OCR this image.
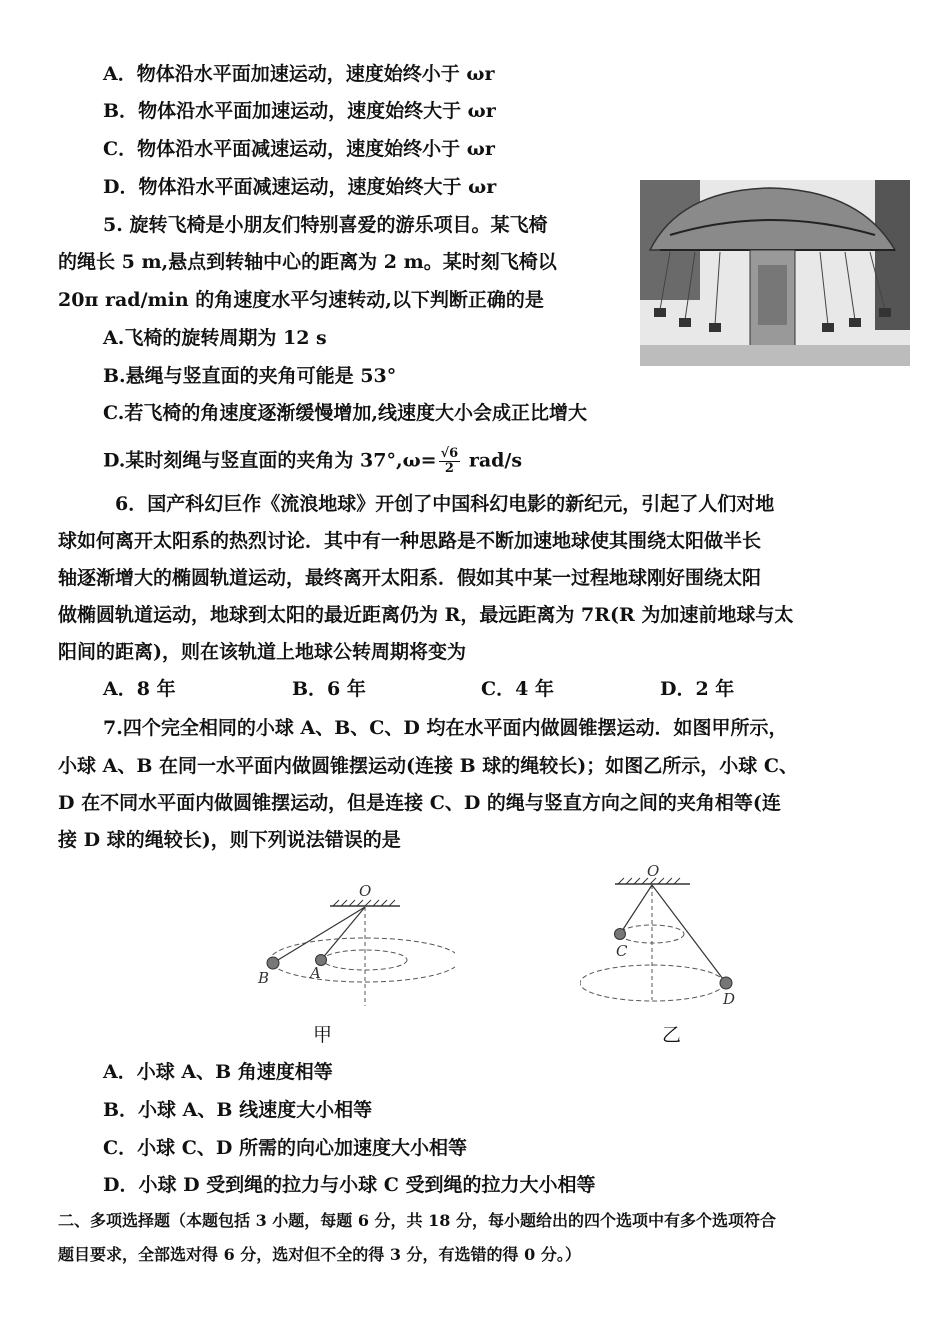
A．物体沿水平面加速运动，速度始终小于 ωr
B．物体沿水平面加速运动，速度始终大于 ωr
C．物体沿水平面减速运动，速度始终小于 ωr
D．物体沿水平面减速运动，速度始终大于 ωr
5. 旋转飞椅是小朋友们特别喜爱的游乐项目。某飞椅
的绳长 5 m,悬点到转轴中心的距离为 2 m。某时刻飞椅以
20π rad/min 的角速度水平匀速转动,以下判断正确的是
A.飞椅的旋转周期为 12 s
B.悬绳与竖直面的夹角可能是 53°
C.若飞椅的角速度逐渐缓慢增加,线速度大小会成正比增大
D.某时刻绳与竖直面的夹角为 $37^\circ,\omega= \frac{√6}{2} rad/s$
6．国产科幻巨作《流浪地球》开创了中国科幻电影的新纪元，引起了人们对地
球如何离开太阳系的热烈讨论．其中有一种思路是不断加速地球使其围绕太阳做半长
轴逐渐增大的椭圆轨道运动，最终离开太阳系．假如其中某一过程地球刚好围绕太阳
做椭圆轨道运动，地球到太阳的最近距离仍为 R，最远距离为 7R(R 为加速前地球与太
阳间的距离)，则在该轨道上地球公转周期将变为
A．8 年	B．6 年	C．4 年	D．2 年
7.四个完全相同的小球 A、B、C、D 均在水平面内做圆锥摆运动．如图甲所示，
小球 A、B 在同一水平面内做圆锥摆运动(连接 B 球的绳较长)；如图乙所示，小球 C、
D 在不同水平面内做圆锥摆运动，但是连接 C、D 的绳与竖直方向之间的夹角相等(连
接 D 球的绳较长)，则下列说法错误的是
O
B	A
甲
O
C
D
乙
A．小球 A、B 角速度相等
B．小球 A、B 线速度大小相等
C．小球 C、D 所需的向心加速度大小相等
D．小球 D 受到绳的拉力与小球 C 受到绳的拉力大小相等
二、多项选择题（本题包括 3 小题，每题 6 分，共 18 分，每小题给出的四个选项中有多个选项符合
题目要求，全部选对得 6 分，选对但不全的得 3 分，有选错的得 0 分。）
